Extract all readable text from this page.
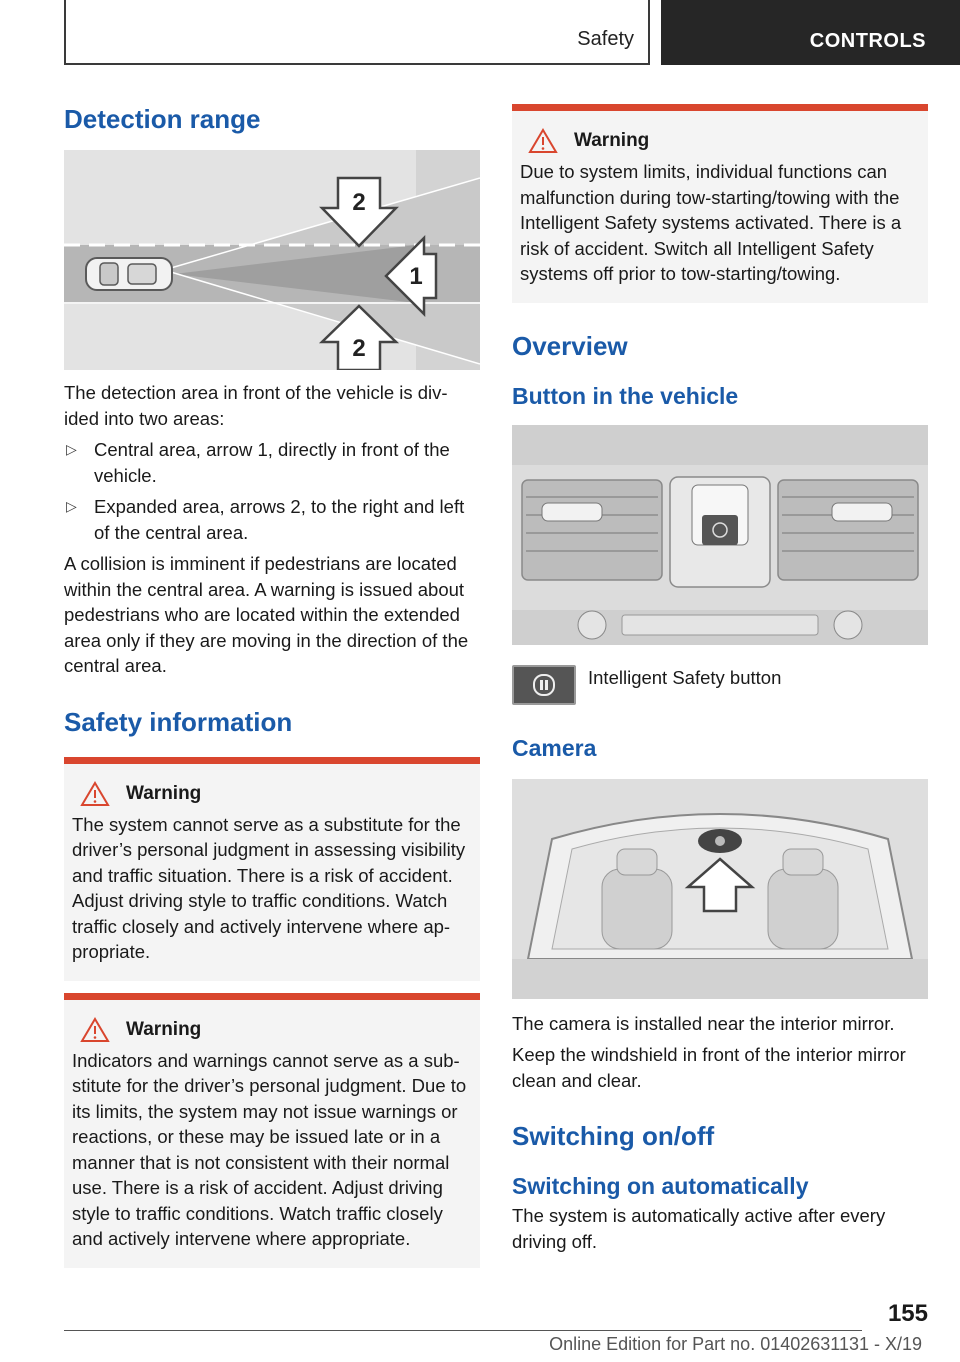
Safety	CONTROLS
Detection range
2
1
2

The detection area in front of the vehicle is div‐ided into two areas:

▷ Central area, arrow 1, directly in front of the vehicle.
▷ Expanded area, arrows 2, to the right and left of the central area.

A collision is imminent if pedestrians are located within the central area. A warning is issued about pedestrians who are located within the extended area only if they are moving in the direction of the central area.

Safety information
Warning

The system cannot serve as a substitute for the driver’s personal judgment in assessing visibility and traffic situation. There is a risk of accident. Adjust driving style to traffic conditions. Watch traffic closely and actively intervene where ap‐propriate.

Warning

Indicators and warnings cannot serve as a sub‐stitute for the driver’s personal judgment. Due to its limits, the system may not issue warnings or reactions, or these may be issued late or in a manner that is not consistent with their normal use. There is a risk of accident. Adjust driving style to traffic conditions. Watch traffic closely and actively intervene where appropriate.

Warning

Due to system limits, individual functions can malfunction during tow-starting/towing with the Intelligent Safety systems activated. There is a risk of accident. Switch all Intelligent Safety systems off prior to tow-starting/towing.

Overview
Button in the vehicle
Intelligent Safety button
Camera

The camera is installed near the interior mirror.

Keep the windshield in front of the interior mirror clean and clear.

Switching on/off
Switching on automatically

The system is automatically active after every driving off.

155
Online Edition for Part no. 01402631131 - X/19
